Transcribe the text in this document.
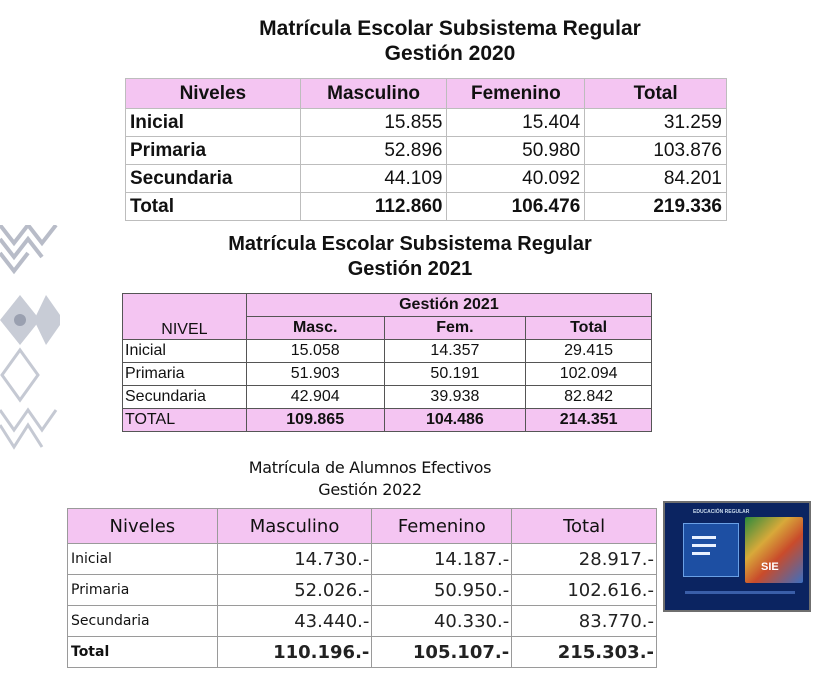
Matrícula Escolar Subsistema Regular
Gestión 2020
Niveles	Masculino	Femenino	Total
Inicial	15.855	15.404	31.259
Primaria	52.896	50.980	103.876
Secundaria	44.109	40.092	84.201
Total	112.860	106.476	219.336
Matrícula Escolar Subsistema Regular
Gestión 2021
NIVEL	Gestión 2021		
	Masc.	Fem.	Total
Inicial	15.058	14.357	29.415
Primaria	51.903	50.191	102.094
Secundaria	42.904	39.938	82.842
TOTAL	109.865	104.486	214.351
Matrícula de Alumnos Efectivos
Gestión 2022
Niveles	Masculino	Femenino	Total
Inicial	14.730.-	14.187.-	28.917.-
Primaria	52.026.-	50.950.-	102.616.-
Secundaria	43.440.-	40.330.-	83.770.-
Total	110.196.-	105.107.-	215.303.-
EDUCACIÓN REGULAR
SIE
